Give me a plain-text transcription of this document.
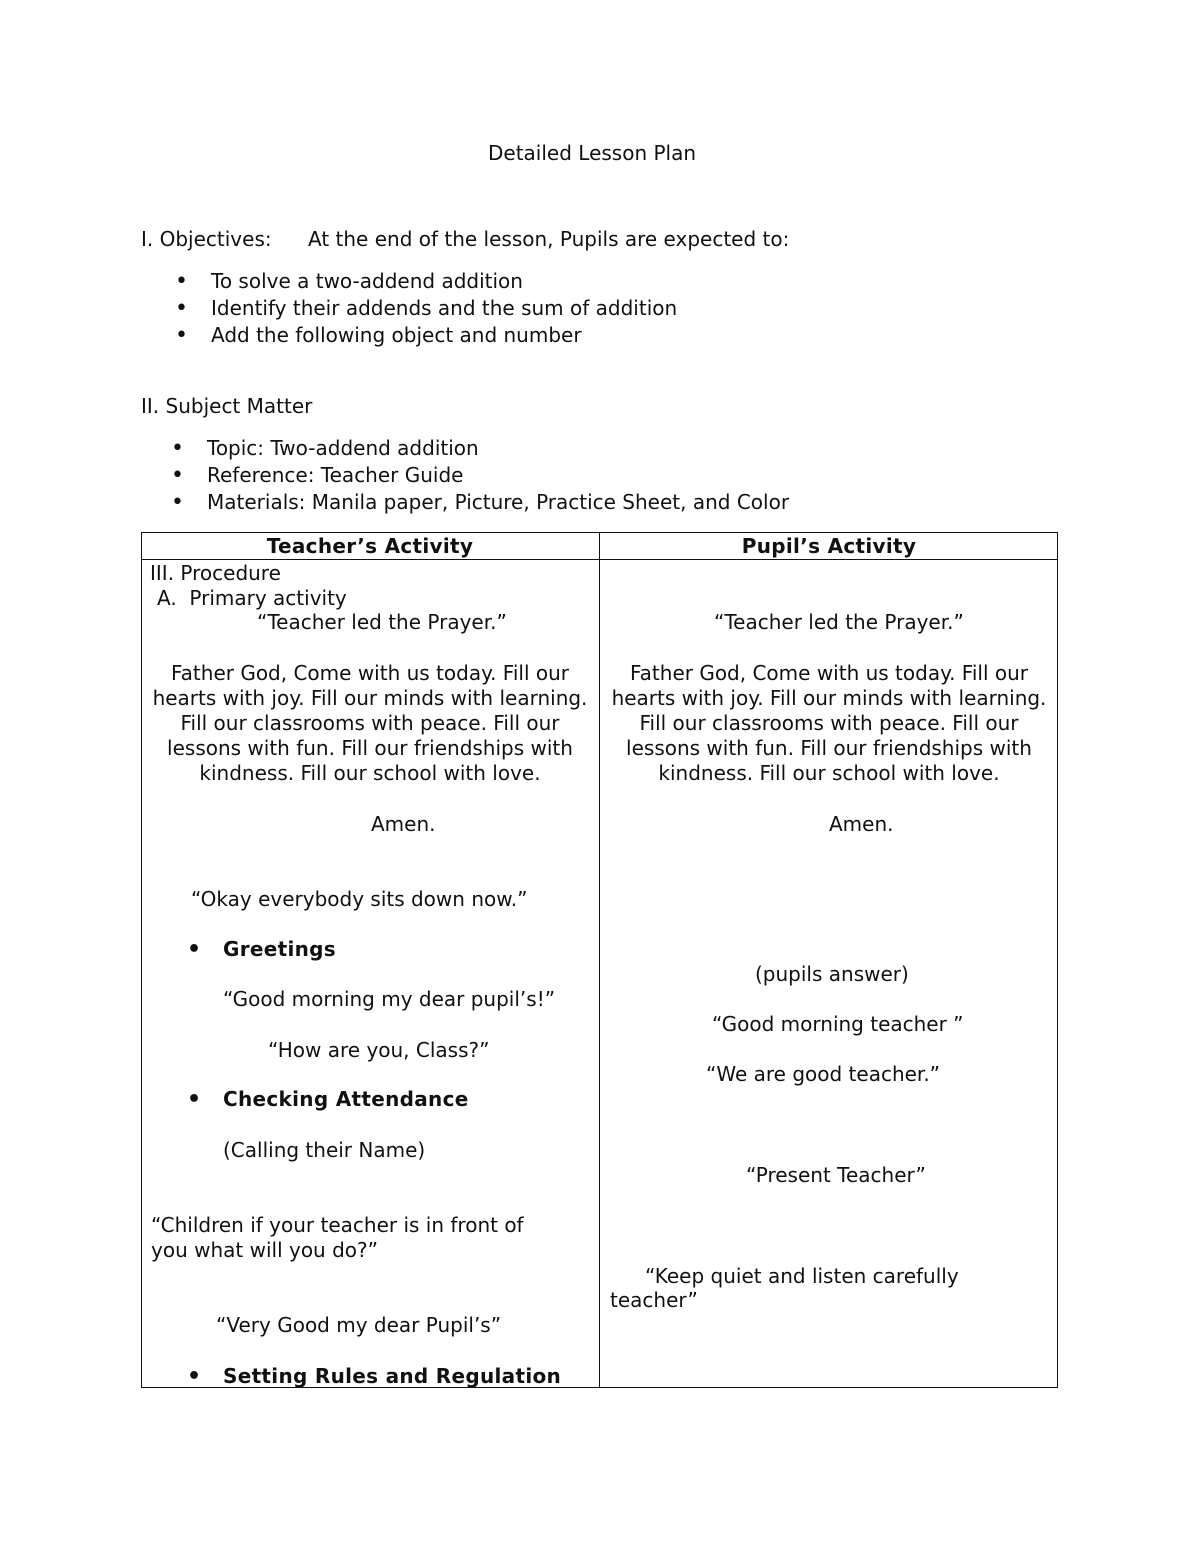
Detailed Lesson Plan
I. Objectives: At the end of the lesson, Pupils are expected to:
• To solve a two-addend addition
• Identify their addends and the sum of addition
• Add the following object and number
II. Subject Matter
• Topic: Two-addend addition
• Reference: Teacher Guide
• Materials: Manila paper, Picture, Practice Sheet, and Color
Teacher’s Activity	Pupil’s Activity
III. Procedure
A.  Primary activity
“Teacher led the Prayer.”
Father God, Come with us today. Fill our hearts with joy. Fill our minds with learning. Fill our classrooms with peace. Fill our lessons with fun. Fill our friendships with kindness. Fill our school with love.
Amen.
“Okay everybody sits down now.”
• Greetings
“Good morning my dear pupil’s!”
“How are you, Class?”
• Checking Attendance
(Calling their Name)
“Children if your teacher is in front of
you what will you do?”
“Very Good my dear Pupil’s”
• Setting Rules and Regulation
“Teacher led the Prayer.”
Father God, Come with us today. Fill our hearts with joy. Fill our minds with learning. Fill our classrooms with peace. Fill our lessons with fun. Fill our friendships with kindness. Fill our school with love.
Amen.
(pupils answer)
“Good morning teacher ”
“We are good teacher.”
“Present Teacher”
“Keep quiet and listen carefully
teacher”
